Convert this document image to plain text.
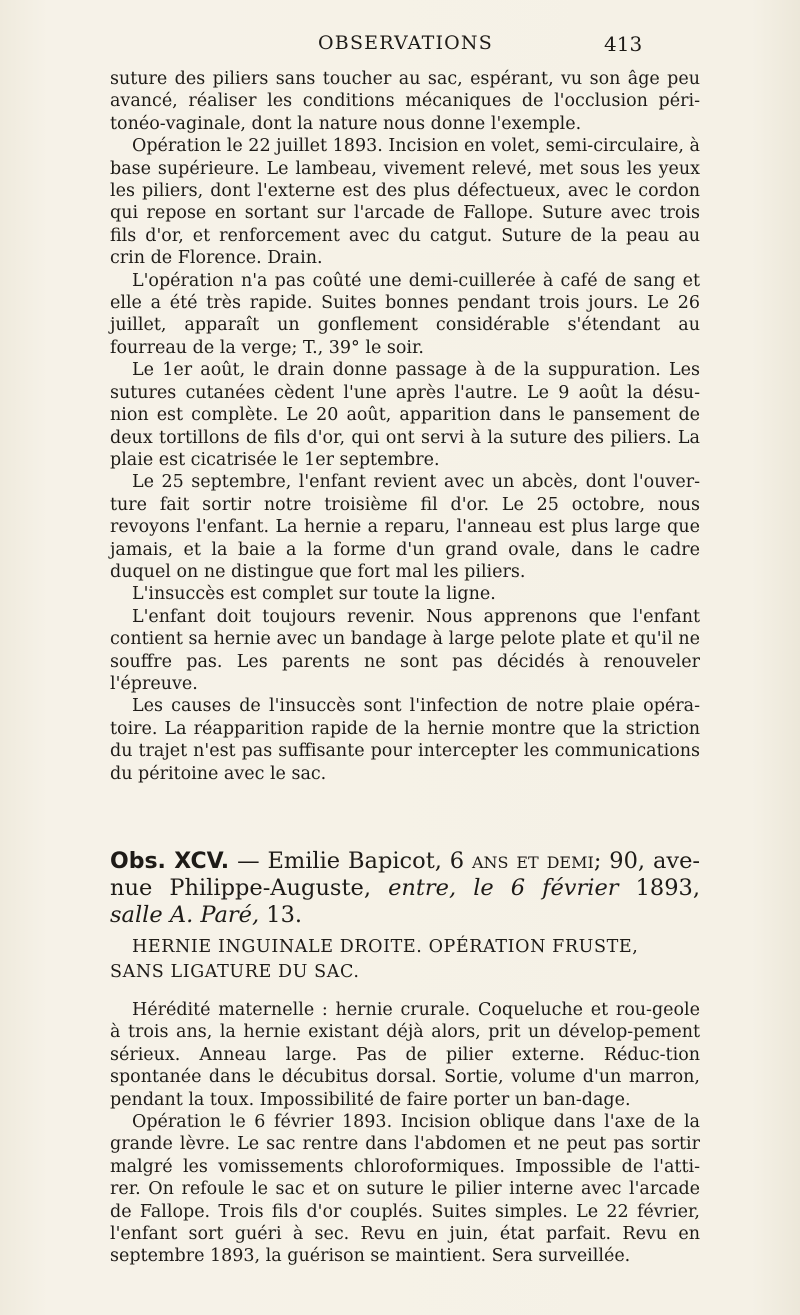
OBSERVATIONS	413

suture des piliers sans toucher au sac, espérant, vu son âge peu avancé, réaliser les conditions mécaniques de l'occlusion péri-tonéo-vaginale, dont la nature nous donne l'exemple.

Opération le 22 juillet 1893. Incision en volet, semi-circulaire, à base supérieure. Le lambeau, vivement relevé, met sous les yeux les piliers, dont l'externe est des plus défectueux, avec le cordon qui repose en sortant sur l'arcade de Fallope. Suture avec trois fils d'or, et renforcement avec du catgut. Suture de la peau au crin de Florence. Drain.

L'opération n'a pas coûté une demi-cuillerée à café de sang et elle a été très rapide. Suites bonnes pendant trois jours. Le 26 juillet, apparaît un gonflement considérable s'étendant au fourreau de la verge; T., 39° le soir.

Le 1er août, le drain donne passage à de la suppuration. Les sutures cutanées cèdent l'une après l'autre. Le 9 août la désu-nion est complète. Le 20 août, apparition dans le pansement de deux tortillons de fils d'or, qui ont servi à la suture des piliers. La plaie est cicatrisée le 1er septembre.

Le 25 septembre, l'enfant revient avec un abcès, dont l'ouver-ture fait sortir notre troisième fil d'or. Le 25 octobre, nous revoyons l'enfant. La hernie a reparu, l'anneau est plus large que jamais, et la baie a la forme d'un grand ovale, dans le cadre duquel on ne distingue que fort mal les piliers.

L'insuccès est complet sur toute la ligne.

L'enfant doit toujours revenir. Nous apprenons que l'enfant contient sa hernie avec un bandage à large pelote plate et qu'il ne souffre pas. Les parents ne sont pas décidés à renouveler l'épreuve.

Les causes de l'insuccès sont l'infection de notre plaie opéra-toire. La réapparition rapide de la hernie montre que la striction du trajet n'est pas suffisante pour intercepter les communications du péritoine avec le sac.

Obs. XCV. — Emilie Bapicot, 6 ans et demi; 90, ave-nue Philippe-Auguste, entre, le 6 février 1893, salle A. Paré, 13.

HERNIE INGUINALE DROITE. OPÉRATION FRUSTE,
SANS LIGATURE DU SAC.

Hérédité maternelle : hernie crurale. Coqueluche et rou-geole à trois ans, la hernie existant déjà alors, prit un dévelop-pement sérieux. Anneau large. Pas de pilier externe. Réduc-tion spontanée dans le décubitus dorsal. Sortie, volume d'un marron, pendant la toux. Impossibilité de faire porter un ban-dage.

Opération le 6 février 1893. Incision oblique dans l'axe de la grande lèvre. Le sac rentre dans l'abdomen et ne peut pas sortir malgré les vomissements chloroformiques. Impossible de l'atti-rer. On refoule le sac et on suture le pilier interne avec l'arcade de Fallope. Trois fils d'or couplés. Suites simples. Le 22 février, l'enfant sort guéri à sec. Revu en juin, état parfait. Revu en septembre 1893, la guérison se maintient. Sera surveillée.
